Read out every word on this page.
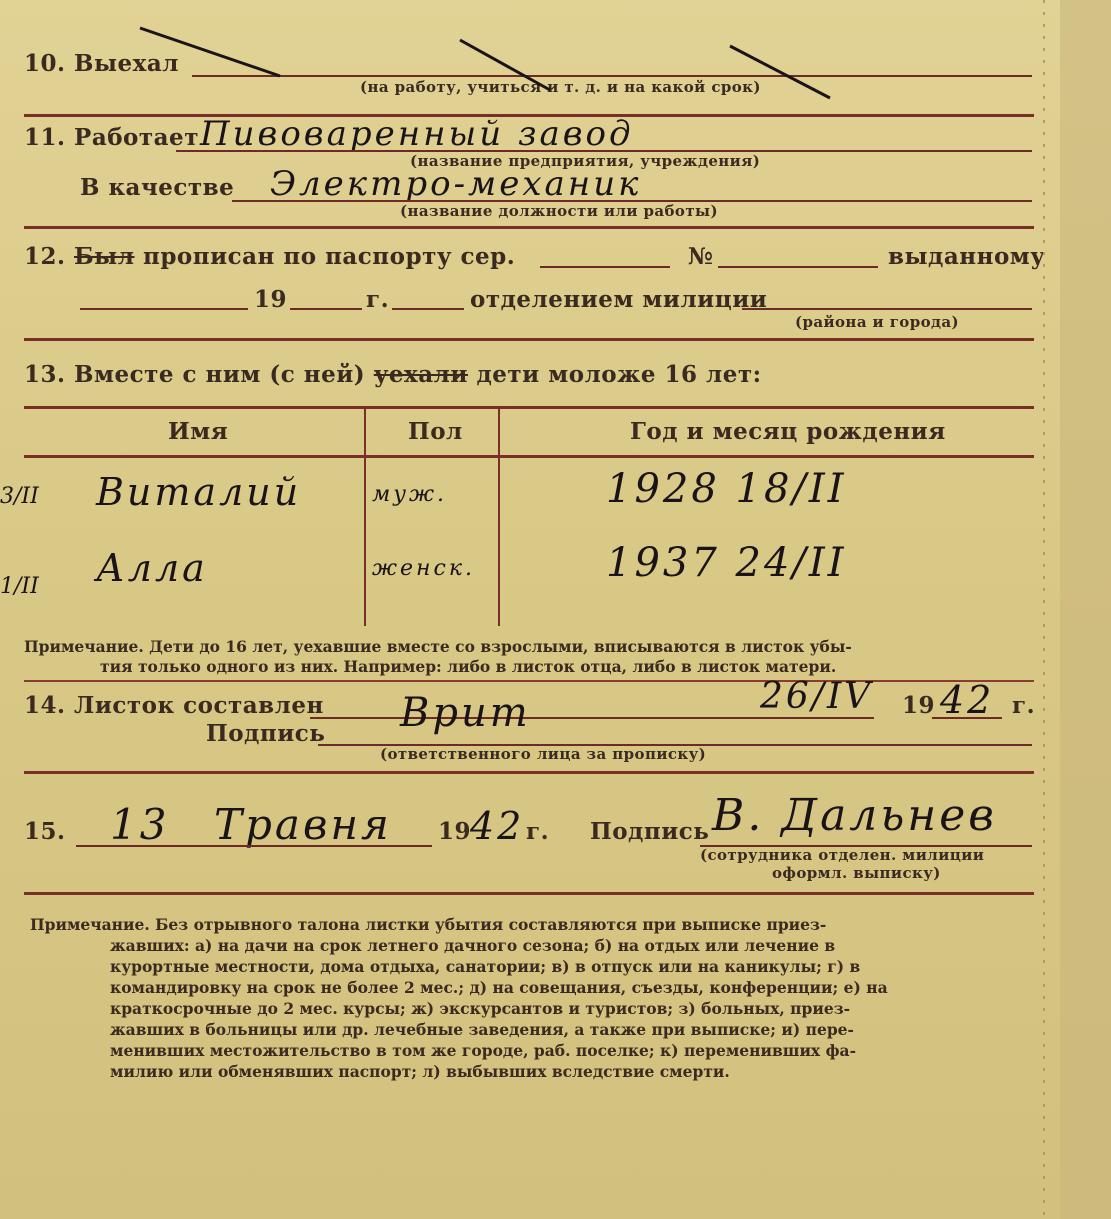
10. Выехал
(на работу, учиться и т. д. и на какой срок)
11. Работает Пивоваренный завод
(название предприятия, учреждения)
В качестве Электро-механик
(название должности или работы)
12. Был прописан по паспорту сер.	№	выданному
19	г.	отделением милиции
(района и города)
13. Вместе с ним (с ней) уехали дети моложе 16 лет:
Имя	Пол	Год и месяц рождения
Виталий	муж.	1928 18/II
3/II
Алла	женск.	1937 24/II
1/II
Примечание. Дети до 16 лет, уехавшие вместе со взрослыми, вписываются в листок убы-
тия только одного из них. Например: либо в листок отца, либо в листок матери.
14. Листок составлен	26/IV 19 42 г.
Подпись Врит
(ответственного лица за прописку)
15. 13 Травня 19
42 г. Подпись В. Дальнев
(сотрудника отделен. милиции
оформл. выписку)
Примечание. Без отрывного талона листки убытия составляются при выписке приез-
жавших: а) на дачи на срок летнего дачного сезона; б) на отдых или лечение в
курортные местности, дома отдыха, санатории; в) в отпуск или на каникулы; г) в
командировку на срок не более 2 мес.; д) на совещания, съезды, конференции; е) на
краткосрочные до 2 мес. курсы; ж) экскурсантов и туристов; з) больных, приез-
жавших в больницы или др. лечебные заведения, а также при выписке; и) пере-
менивших местожительство в том же городе, раб. поселке; к) переменивших фа-
милию или обменявших паспорт; л) выбывших вследствие смерти.
